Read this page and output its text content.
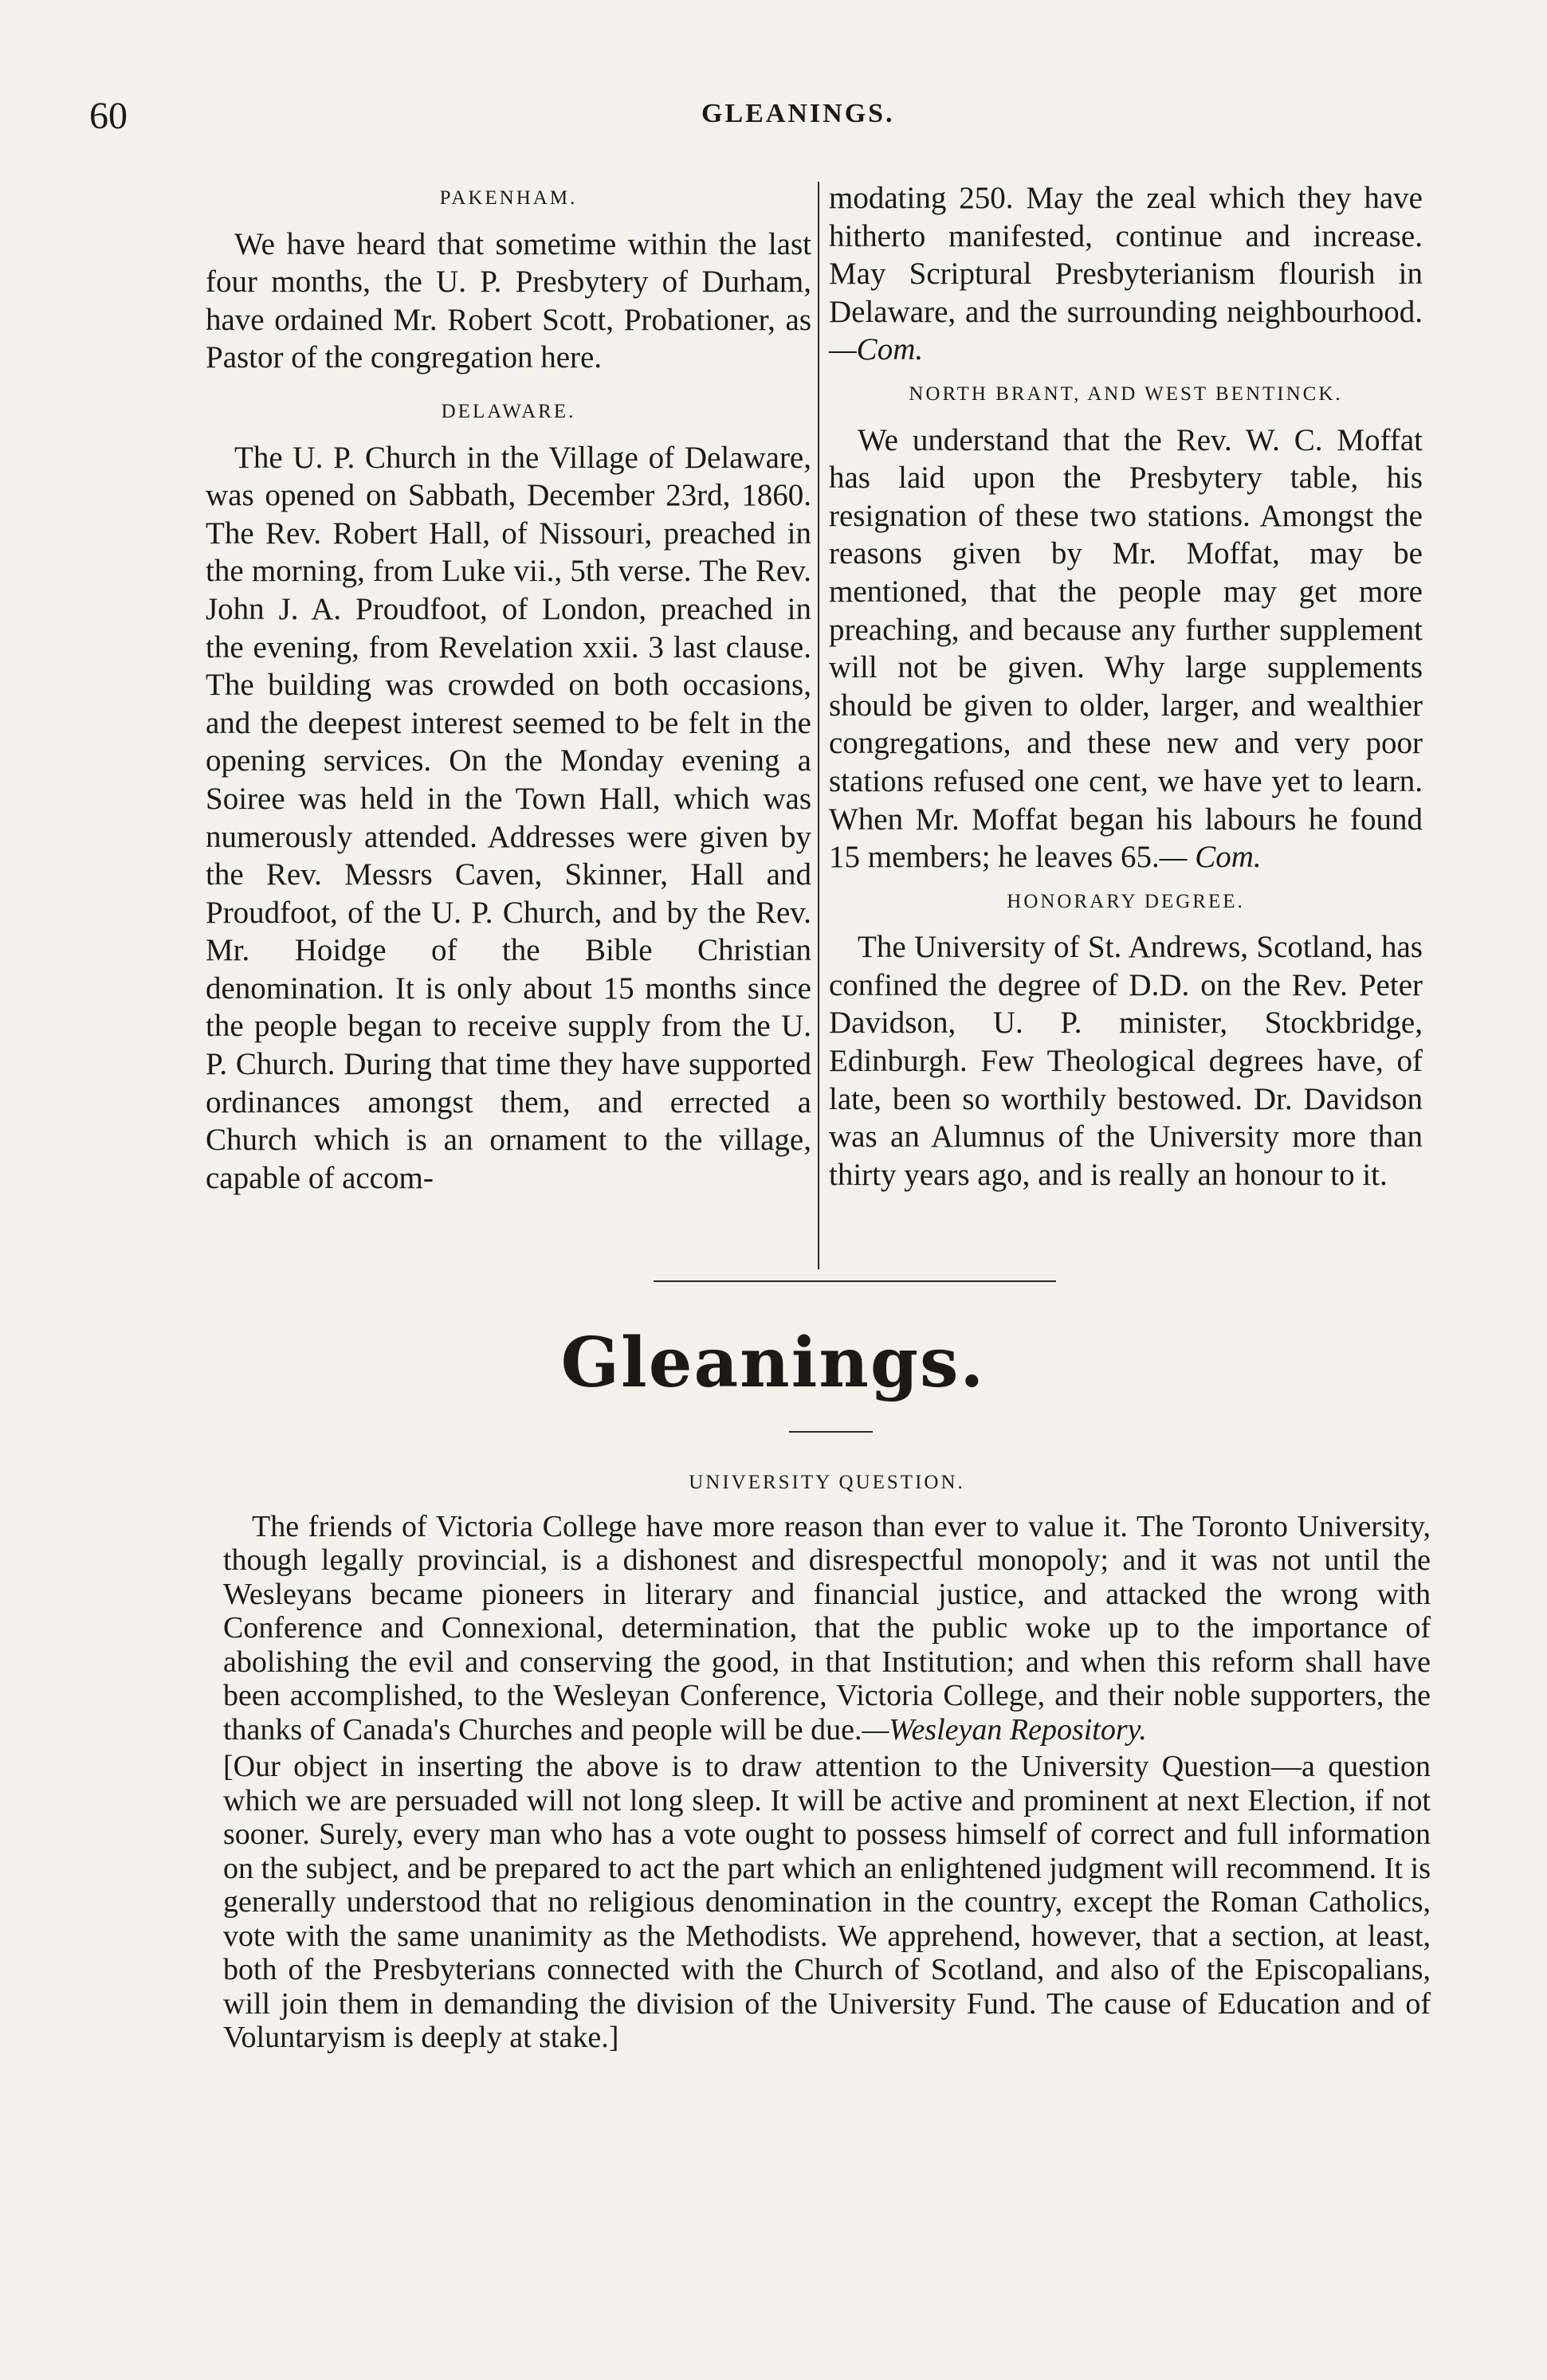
60	GLEANINGS.
PAKENHAM.

We have heard that sometime within the last four months, the U. P. Presbytery of Durham, have ordained Mr. Robert Scott, Probationer, as Pastor of the congregation here.

DELAWARE.

The U. P. Church in the Village of Delaware, was opened on Sabbath, December 23rd, 1860. The Rev. Robert Hall, of Nissouri, preached in the morning, from Luke vii., 5th verse. The Rev. John J. A. Proudfoot, of London, preached in the evening, from Revelation xxii. 3 last clause. The building was crowded on both occasions, and the deepest interest seemed to be felt in the opening services. On the Monday evening a Soiree was held in the Town Hall, which was numerously attended. Addresses were given by the Rev. Messrs Caven, Skinner, Hall and Proudfoot, of the U. P. Church, and by the Rev. Mr. Hoidge of the Bible Christian denomination. It is only about 15 months since the people began to receive supply from the U. P. Church. During that time they have supported ordinances amongst them, and errected a Church which is an ornament to the village, capable of accom-

modating 250. May the zeal which they have hitherto manifested, continue and increase. May Scriptural Presbyterianism flourish in Delaware, and the surrounding neighbourhood.—Com.

NORTH BRANT, AND WEST BENTINCK.

We understand that the Rev. W. C. Moffat has laid upon the Presbytery table, his resignation of these two stations. Amongst the reasons given by Mr. Moffat, may be mentioned, that the people may get more preaching, and because any further supplement will not be given. Why large supplements should be given to older, larger, and wealthier congregations, and these new and very poor stations refused one cent, we have yet to learn. When Mr. Moffat began his labours he found 15 members; he leaves 65.— Com.

HONORARY DEGREE.

The University of St. Andrews, Scotland, has confined the degree of D.D. on the Rev. Peter Davidson, U. P. minister, Stockbridge, Edinburgh. Few Theological degrees have, of late, been so worthily bestowed. Dr. Davidson was an Alumnus of the University more than thirty years ago, and is really an honour to it.

Gleanings.
UNIVERSITY QUESTION.

The friends of Victoria College have more reason than ever to value it. The Toronto University, though legally provincial, is a dishonest and disrespectful monopoly; and it was not until the Wesleyans became pioneers in literary and financial justice, and attacked the wrong with Conference and Connexional, determination, that the public woke up to the importance of abolishing the evil and conserving the good, in that Institution; and when this reform shall have been accomplished, to the Wesleyan Conference, Victoria College, and their noble supporters, the thanks of Canada's Churches and people will be due.—Wesleyan Repository.

[Our object in inserting the above is to draw attention to the University Question—a question which we are persuaded will not long sleep. It will be active and prominent at next Election, if not sooner. Surely, every man who has a vote ought to possess himself of correct and full information on the subject, and be prepared to act the part which an enlightened judgment will recommend. It is generally understood that no religious denomination in the country, except the Roman Catholics, vote with the same unanimity as the Methodists. We apprehend, however, that a section, at least, both of the Presbyterians connected with the Church of Scotland, and also of the Episcopalians, will join them in demanding the division of the University Fund. The cause of Education and of Voluntaryism is deeply at stake.]
